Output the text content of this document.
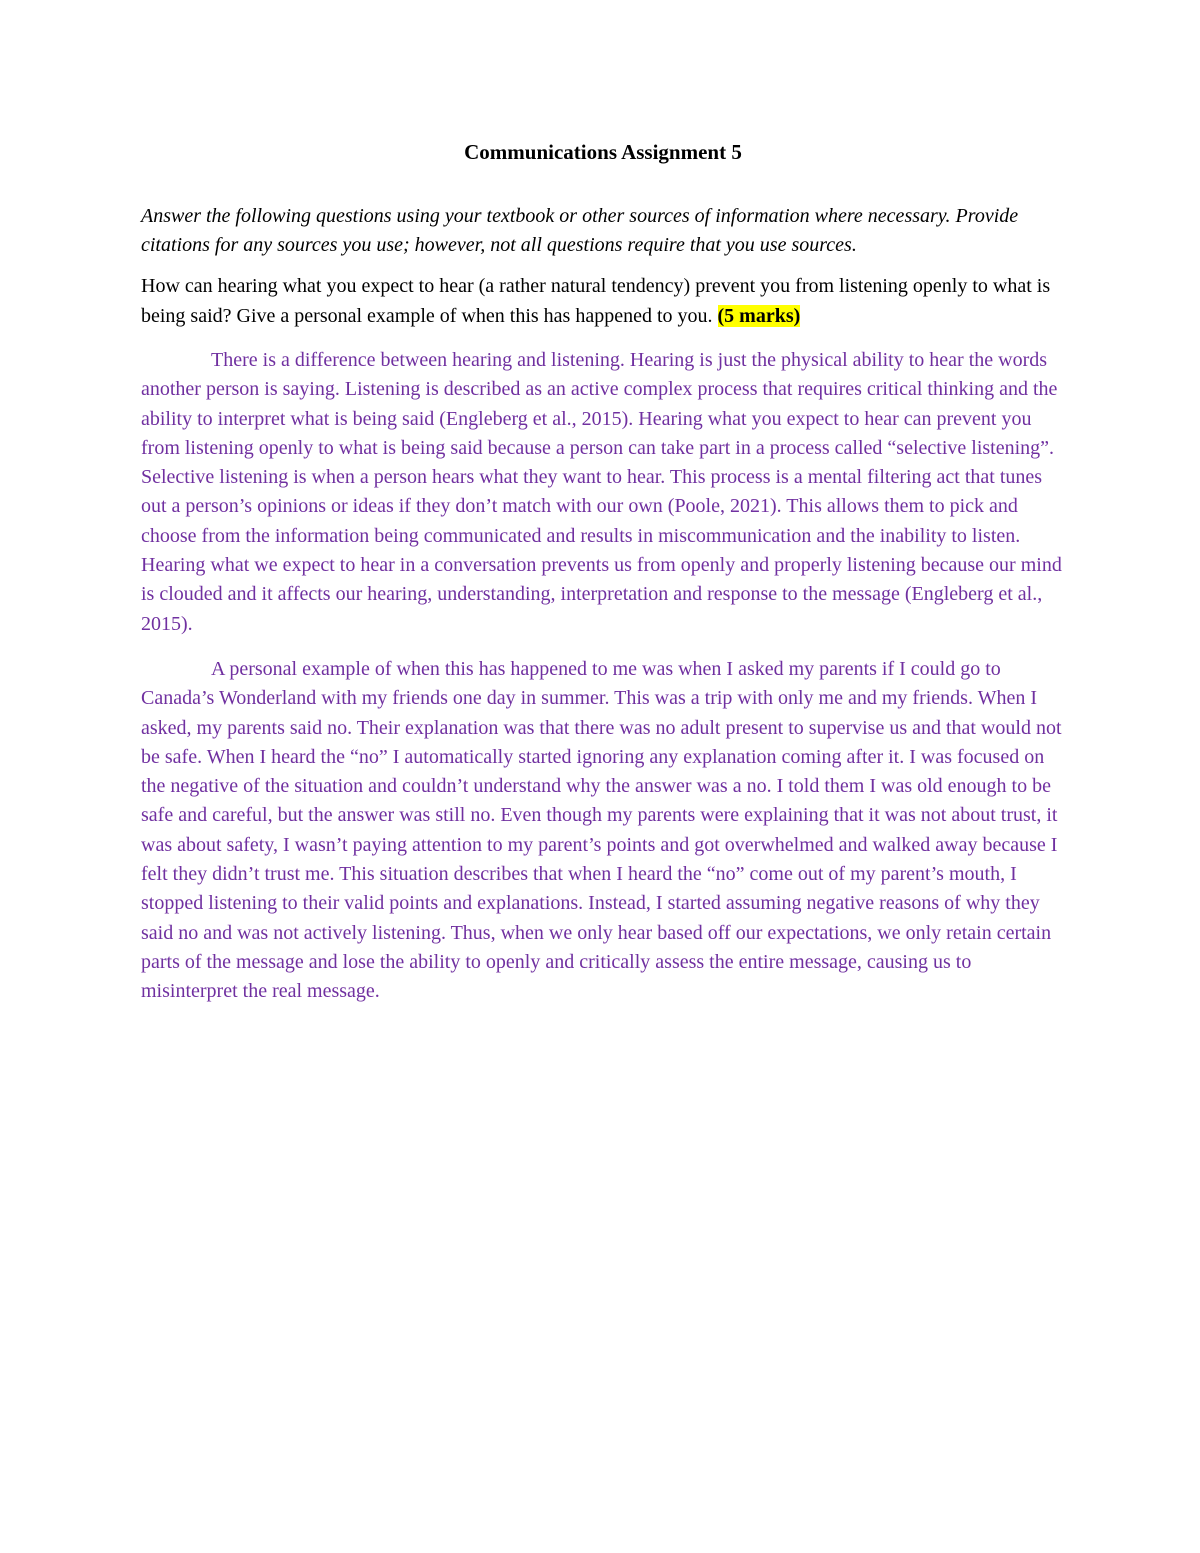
Communications Assignment 5

Answer the following questions using your textbook or other sources of information where necessary. Provide citations for any sources you use; however, not all questions require that you use sources.

How can hearing what you expect to hear (a rather natural tendency) prevent you from listening openly to what is being said? Give a personal example of when this has happened to you. (5 marks)

There is a difference between hearing and listening. Hearing is just the physical ability to hear the words another person is saying. Listening is described as an active complex process that requires critical thinking and the ability to interpret what is being said (Engleberg et al., 2015). Hearing what you expect to hear can prevent you from listening openly to what is being said because a person can take part in a process called “selective listening”. Selective listening is when a person hears what they want to hear. This process is a mental filtering act that tunes out a person’s opinions or ideas if they don’t match with our own (Poole, 2021). This allows them to pick and choose from the information being communicated and results in miscommunication and the inability to listen. Hearing what we expect to hear in a conversation prevents us from openly and properly listening because our mind is clouded and it affects our hearing, understanding, interpretation and response to the message (Engleberg et al., 2015).

A personal example of when this has happened to me was when I asked my parents if I could go to Canada’s Wonderland with my friends one day in summer. This was a trip with only me and my friends. When I asked, my parents said no. Their explanation was that there was no adult present to supervise us and that would not be safe. When I heard the “no” I automatically started ignoring any explanation coming after it. I was focused on the negative of the situation and couldn’t understand why the answer was a no. I told them I was old enough to be safe and careful, but the answer was still no. Even though my parents were explaining that it was not about trust, it was about safety, I wasn’t paying attention to my parent’s points and got overwhelmed and walked away because I felt they didn’t trust me. This situation describes that when I heard the “no” come out of my parent’s mouth, I stopped listening to their valid points and explanations. Instead, I started assuming negative reasons of why they said no and was not actively listening. Thus, when we only hear based off our expectations, we only retain certain parts of the message and lose the ability to openly and critically assess the entire message, causing us to misinterpret the real message.
